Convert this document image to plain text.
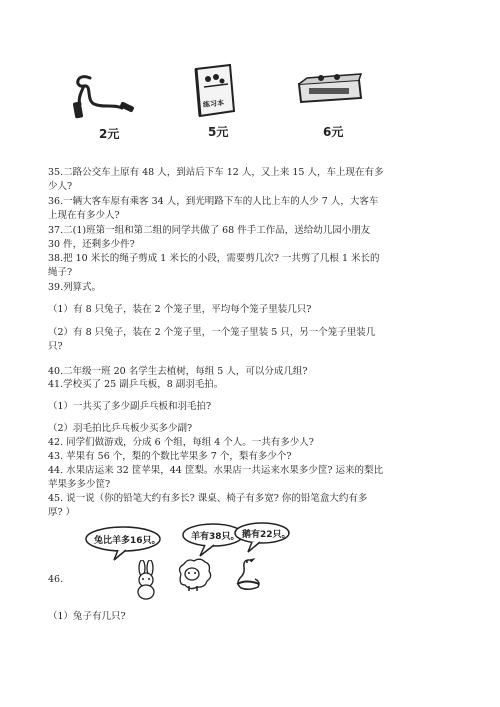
2元
练习本
5元	6元
35.二路公交车上原有 48 人，到站后下车 12 人，又上来 15 人，车上现在有多
少人?
36.一辆大客车原有乘客 34 人，到光明路下车的人比上车的人少 7 人，大客车
上现在有多少人?
37.二(1)班第一组和第二组的同学共做了 68 件手工作品，送给幼儿园小朋友
30 件，还剩多少件?
38.把 10 米长的绳子剪成 1 米长的小段，需要剪几次? 一共剪了几根 1 米长的
绳子?
39.列算式。
（1）有 8 只兔子，装在 2 个笼子里，平均每个笼子里装几只?
（2）有 8 只兔子，装在 2 个笼子里，一个笼子里装 5 只，另一个笼子里装几
只?
40.二年级一班 20 名学生去植树，每组 5 人，可以分成几组?
41.学校买了 25 副乒乓板，8 副羽毛拍。
（1）一共买了多少副乒乓板和羽毛拍?
（2）羽毛拍比乒乓板少买多少副?
42. 同学们做游戏，分成 6 个组，每组 4 个人。一共有多少人?
43. 苹果有 56 个，梨的个数比苹果多 7 个，梨有多少个?
44. 水果店运来 32 筐苹果，44 筐梨。水果店一共运来水果多少筐? 运来的梨比
苹果多多少筐?
45. 说一说（你的铅笔大约有多长? 课桌、椅子有多宽? 你的铅笔盒大约有多
厚? ）
兔比羊多16只。	羊有38只。 鹅有22只。
46.
（1）兔子有几只?
